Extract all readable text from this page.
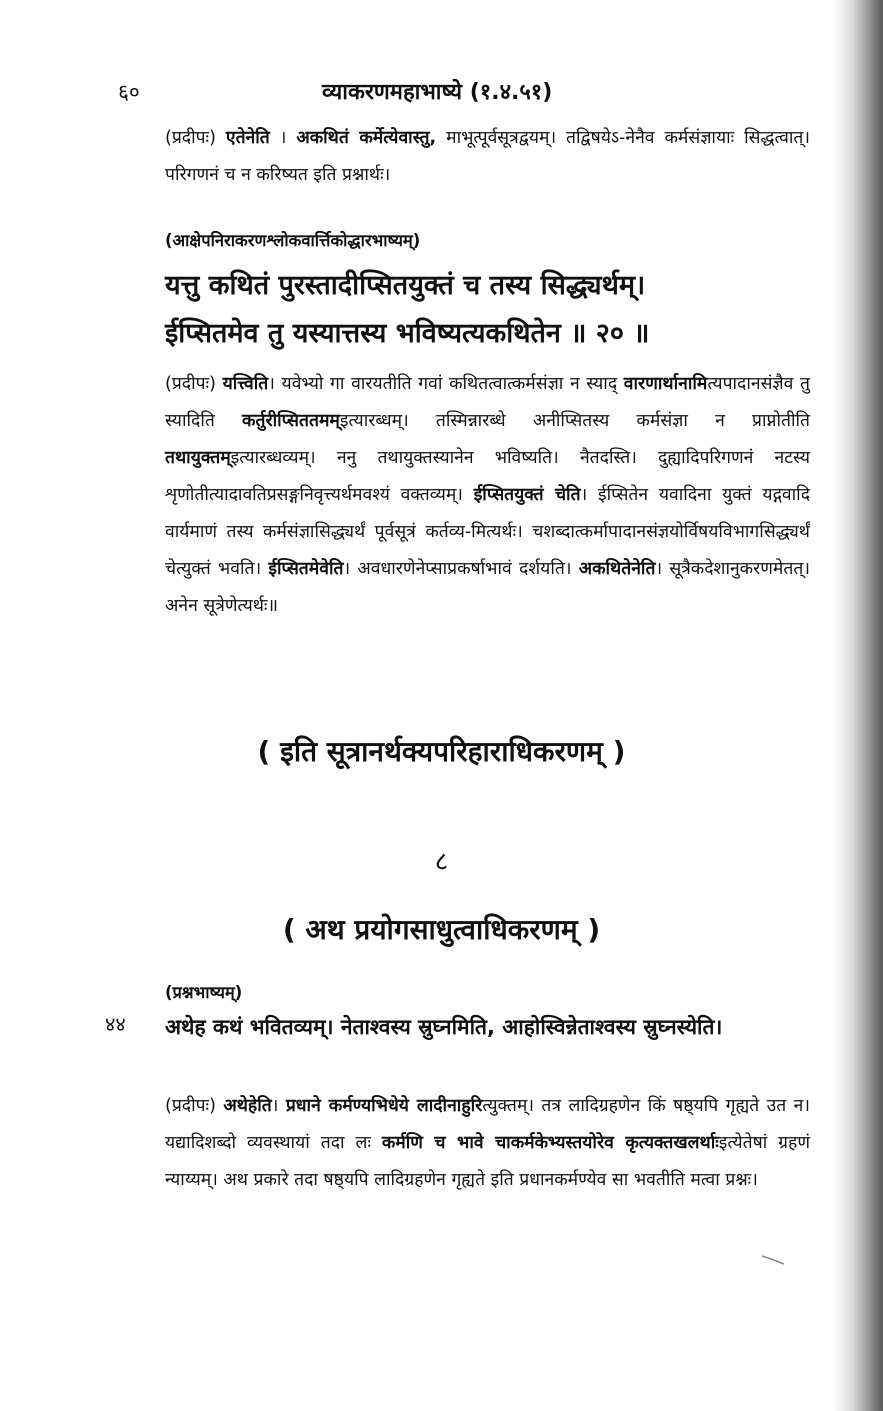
६०	व्याकरणमहाभाष्ये (१.४.५१)
(प्रदीपः) एतेनेति । अकथितं कर्मेत्येवास्तु, माभूत्पूर्वसूत्रद्वयम्। तद्विषयेऽ-नेनैव कर्मसंज्ञायाः सिद्धत्वात्। परिगणनं च न करिष्यत इति प्रश्नार्थः।
(आक्षेपनिराकरणश्लोकवार्त्तिकोद्धारभाष्यम्)
यत्तु कथितं पुरस्तादीप्सितयुक्तं च तस्य सिद्ध्यर्थम्।
ईप्सितमेव तु यस्यात्तस्य भविष्यत्यकथितेन ॥ २० ॥
(प्रदीपः) यत्त्विति। यवेभ्यो गा वारयतीति गवां कथितत्वात्कर्मसंज्ञा न स्याद् वारणार्थानामित्यपादानसंज्ञैव तु स्यादिति कर्तुरीप्सिततमम्इत्यारब्धम्। तस्मिन्नारब्धे अनीप्सितस्य कर्मसंज्ञा न प्राप्नोतीति तथायुक्तम्इत्यारब्धव्यम्। ननु तथायुक्तस्यानेन भविष्यति। नैतदस्ति। दुह्यादिपरिगणनं नटस्य शृणोतीत्यादावतिप्रसङ्गनिवृत्त्यर्थमवश्यं वक्तव्यम्। ईप्सितयुक्तं चेति। ईप्सितेन यवादिना युक्तं यद्गवादि वार्यमाणं तस्य कर्मसंज्ञासिद्ध्यर्थं पूर्वसूत्रं कर्तव्य-मित्यर्थः। चशब्दात्कर्मापादानसंज्ञयोर्विषयविभागसिद्ध्यर्थं चेत्युक्तं भवति। ईप्सितमेवेति। अवधारणेनेप्साप्रकर्षाभावं दर्शयति। अकथितेनेति। सूत्रैकदेशानुकरणमेतत्। अनेन सूत्रेणेत्यर्थः॥
( इति सूत्रानर्थक्यपरिहाराधिकरणम् )
८
( अथ प्रयोगसाधुत्वाधिकरणम् )
(प्रश्नभाष्यम्)
४४ अथेह कथं भवितव्यम्। नेताश्वस्य स्रुघ्नमिति, आहोस्विन्नेताश्वस्य स्रुघ्नस्येति।
(प्रदीपः) अथेहेति। प्रधाने कर्मण्यभिधेये लादीनाहुरित्युक्तम्। तत्र लादिग्रहणेन किं षष्ठ्यपि गृह्यते उत न। यद्यादिशब्दो व्यवस्थायां तदा लः कर्मणि च भावे चाकर्मकेभ्यस्तयोरेव कृत्यक्तखलर्थाःइत्येतेषां ग्रहणं न्याय्यम्। अथ प्रकारे तदा षष्ठ्यपि लादिग्रहणेन गृह्यते इति प्रधानकर्मण्येव सा भवतीति मत्वा प्रश्नः।
